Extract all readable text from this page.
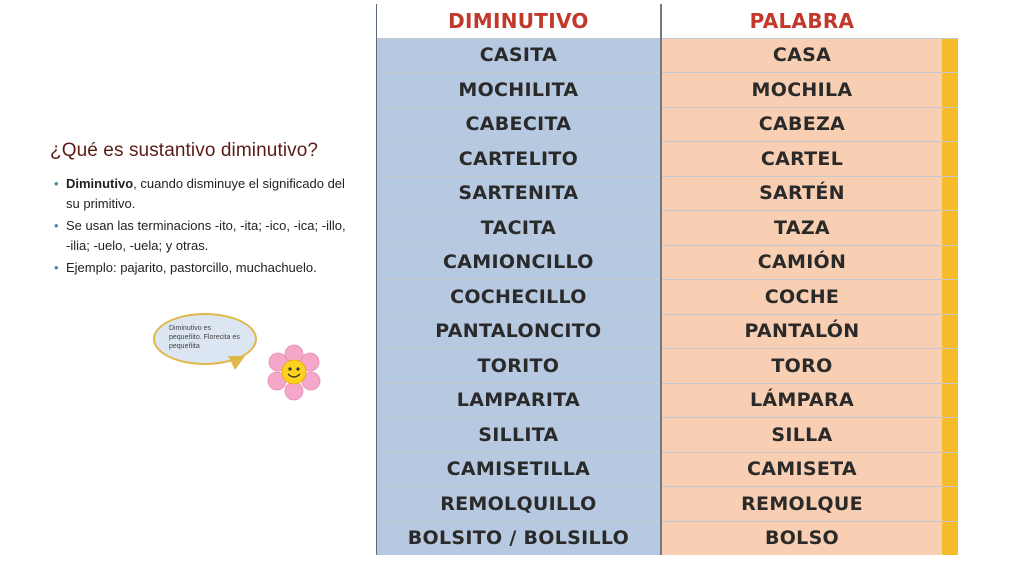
¿Qué es sustantivo diminutivo?
• Diminutivo, cuando disminuye el significado del su primitivo.
• Se usan las terminacions -ito, -ita; -ico, -ica; -illo, -ilia; -uelo, -uela; y otras.
• Ejemplo: pajarito, pastorcillo, muchachuelo.
Diminutivo es pequeñito. Florecita es pequeñita
DIMINUTIVO	PALABRA	
CASITA	CASA	
MOCHILITA	MOCHILA	
CABECITA	CABEZA	
CARTELITO	CARTEL	
SARTENITA	SARTÉN	
TACITA	TAZA	
CAMIONCILLO	CAMIÓN	
COCHECILLO	COCHE	
PANTALONCITO	PANTALÓN	
TORITO	TORO	
LAMPARITA	LÁMPARA	
SILLITA	SILLA	
CAMISETILLA	CAMISETA	
REMOLQUILLO	REMOLQUE	
BOLSITO / BOLSILLO	BOLSO	
